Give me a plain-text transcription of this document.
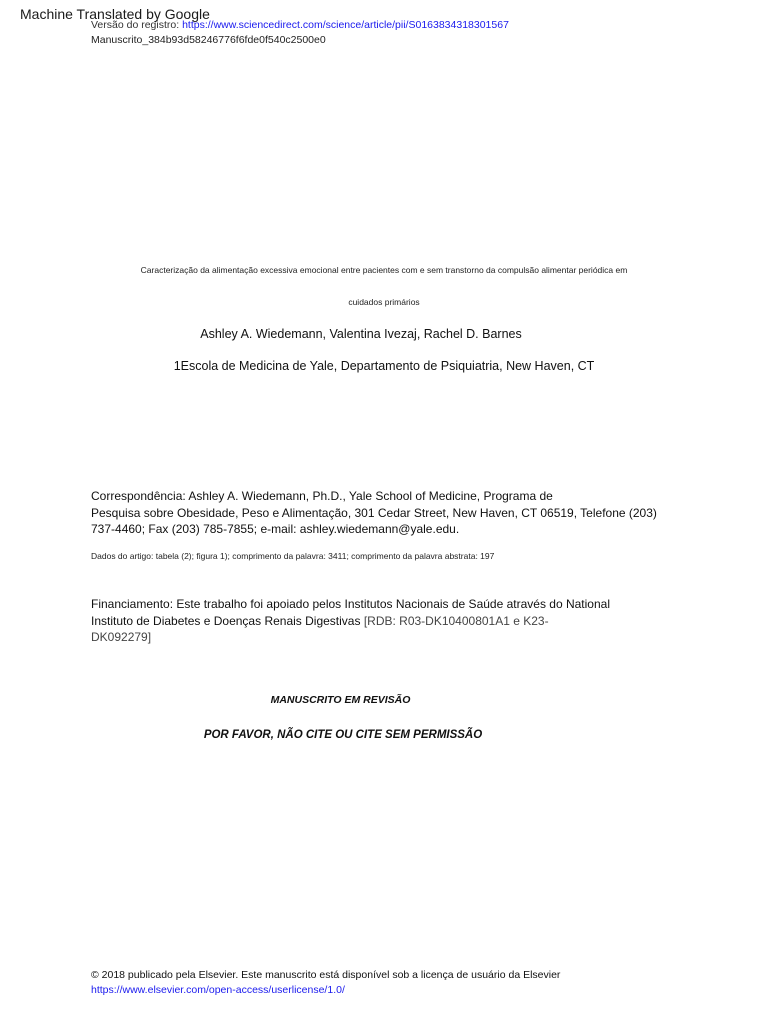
Machine Translated by Google
Versão do registro: https://www.sciencedirect.com/science/article/pii/S0163834318301567
Manuscrito_384b93d58246776f6fde0f540c2500e0
Caracterização da alimentação excessiva emocional entre pacientes com e sem transtorno da compulsão alimentar periódica em
cuidados primários
Ashley A. Wiedemann, Valentina Ivezaj, Rachel D. Barnes
1Escola de Medicina de Yale, Departamento de Psiquiatria, New Haven, CT
Correspondência: Ashley A. Wiedemann, Ph.D., Yale School of Medicine, Programa de
Pesquisa sobre Obesidade, Peso e Alimentação, 301 Cedar Street, New Haven, CT 06519, Telefone (203)
737-4460; Fax (203) 785-7855; e-mail: ashley.wiedemann@yale.edu.
Dados do artigo: tabela (2); figura 1); comprimento da palavra: 3411; comprimento da palavra abstrata: 197
Financiamento: Este trabalho foi apoiado pelos Institutos Nacionais de Saúde através do National
Instituto de Diabetes e Doenças Renais Digestivas [RDB: R03-DK10400801A1 e K23-
DK092279]
MANUSCRITO EM REVISÃO
POR FAVOR, NÃO CITE OU CITE SEM PERMISSÃO
© 2018 publicado pela Elsevier. Este manuscrito está disponível sob a licença de usuário da Elsevier
https://www.elsevier.com/open-access/userlicense/1.0/
